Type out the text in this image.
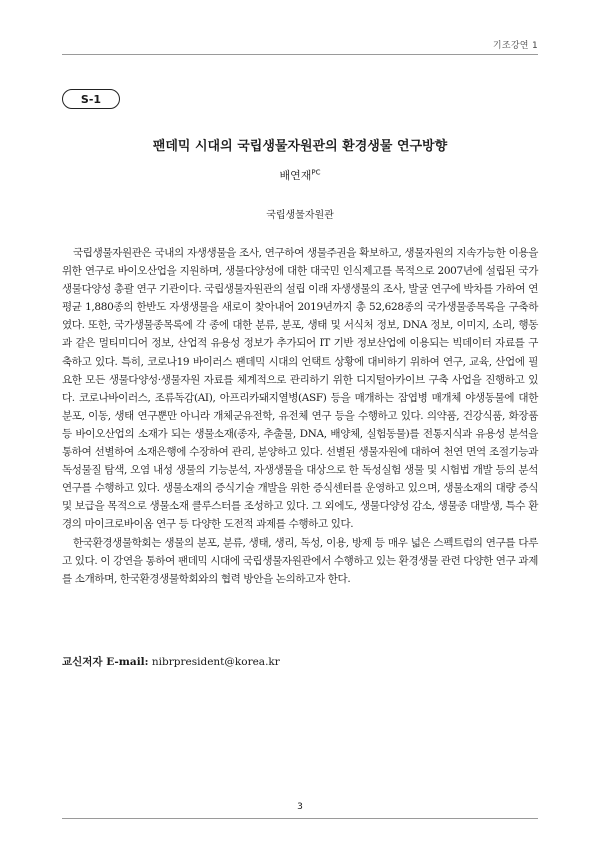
기조강연 1
S-1
팬데믹 시대의 국립생물자원관의 환경생물 연구방향
배연재$^{PC}$
국립생물자원관

국립생물자원관은 국내의 자생생물을 조사, 연구하여 생물주권을 확보하고, 생물자원의 지속가능한 이용을 위한 연구로 바이오산업을 지원하며, 생물다양성에 대한 대국민 인식제고를 목적으로 2007년에 설립된 국가 생물다양성 총괄 연구 기관이다. 국립생물자원관의 설립 이래 자생생물의 조사, 발굴 연구에 박차를 가하여 연 평균 1,880종의 한반도 자생생물을 새로이 찾아내어 2019년까지 총 52,628종의 국가생물종목록을 구축하였다. 또한, 국가생물종목록에 각 종에 대한 분류, 분포, 생태 및 서식처 정보, DNA 정보, 이미지, 소리, 행동과 같은 멀티미디어 정보, 산업적 유용성 정보가 추가되어 IT 기반 정보산업에 이용되는 빅데이터 자료를 구축하고 있다. 특히, 코로나19 바이러스 팬데믹 시대의 언택트 상황에 대비하기 위하여 연구, 교육, 산업에 필요한 모든 생물다양성·생물자원 자료를 체계적으로 관리하기 위한 디지털아카이브 구축 사업을 진행하고 있다. 코로나바이러스, 조류독감(AI), 아프리카돼지열병(ASF) 등을 매개하는 잠엽병 매개체 야생동물에 대한 분포, 이동, 생태 연구뿐만 아니라 개체군유전학, 유전체 연구 등을 수행하고 있다. 의약품, 건강식품, 화장품 등 바이오산업의 소재가 되는 생물소재(종자, 추출물, DNA, 배양체, 실험동물)를 전통지식과 유용성 분석을 통하여 선별하여 소재은행에 수장하여 관리, 분양하고 있다. 선별된 생물자원에 대하여 천연 면역 조절기능과 독성물질 탐색, 오염 내성 생물의 기능분석, 자생생물을 대상으로 한 독성실험 생물 및 시험법 개발 등의 분석 연구를 수행하고 있다. 생물소재의 증식기술 개발을 위한 증식센터를 운영하고 있으며, 생물소재의 대량 증식 및 보급을 목적으로 생물소재 클루스터를 조성하고 있다. 그 외에도, 생물다양성 감소, 생물종 대발생, 특수 환경의 마이크로바이옴 연구 등 다양한 도전적 과제를 수행하고 있다.

한국환경생물학회는 생물의 분포, 분류, 생태, 생리, 독성, 이용, 방제 등 매우 넓은 스펙트럼의 연구를 다루고 있다. 이 강연을 통하여 팬데믹 시대에 국립생물자원관에서 수행하고 있는 환경생물 관련 다양한 연구 과제를 소개하며, 한국환경생물학회와의 협력 방안을 논의하고자 한다.

교신저자 E-mail: nibrpresident@korea.kr
3
